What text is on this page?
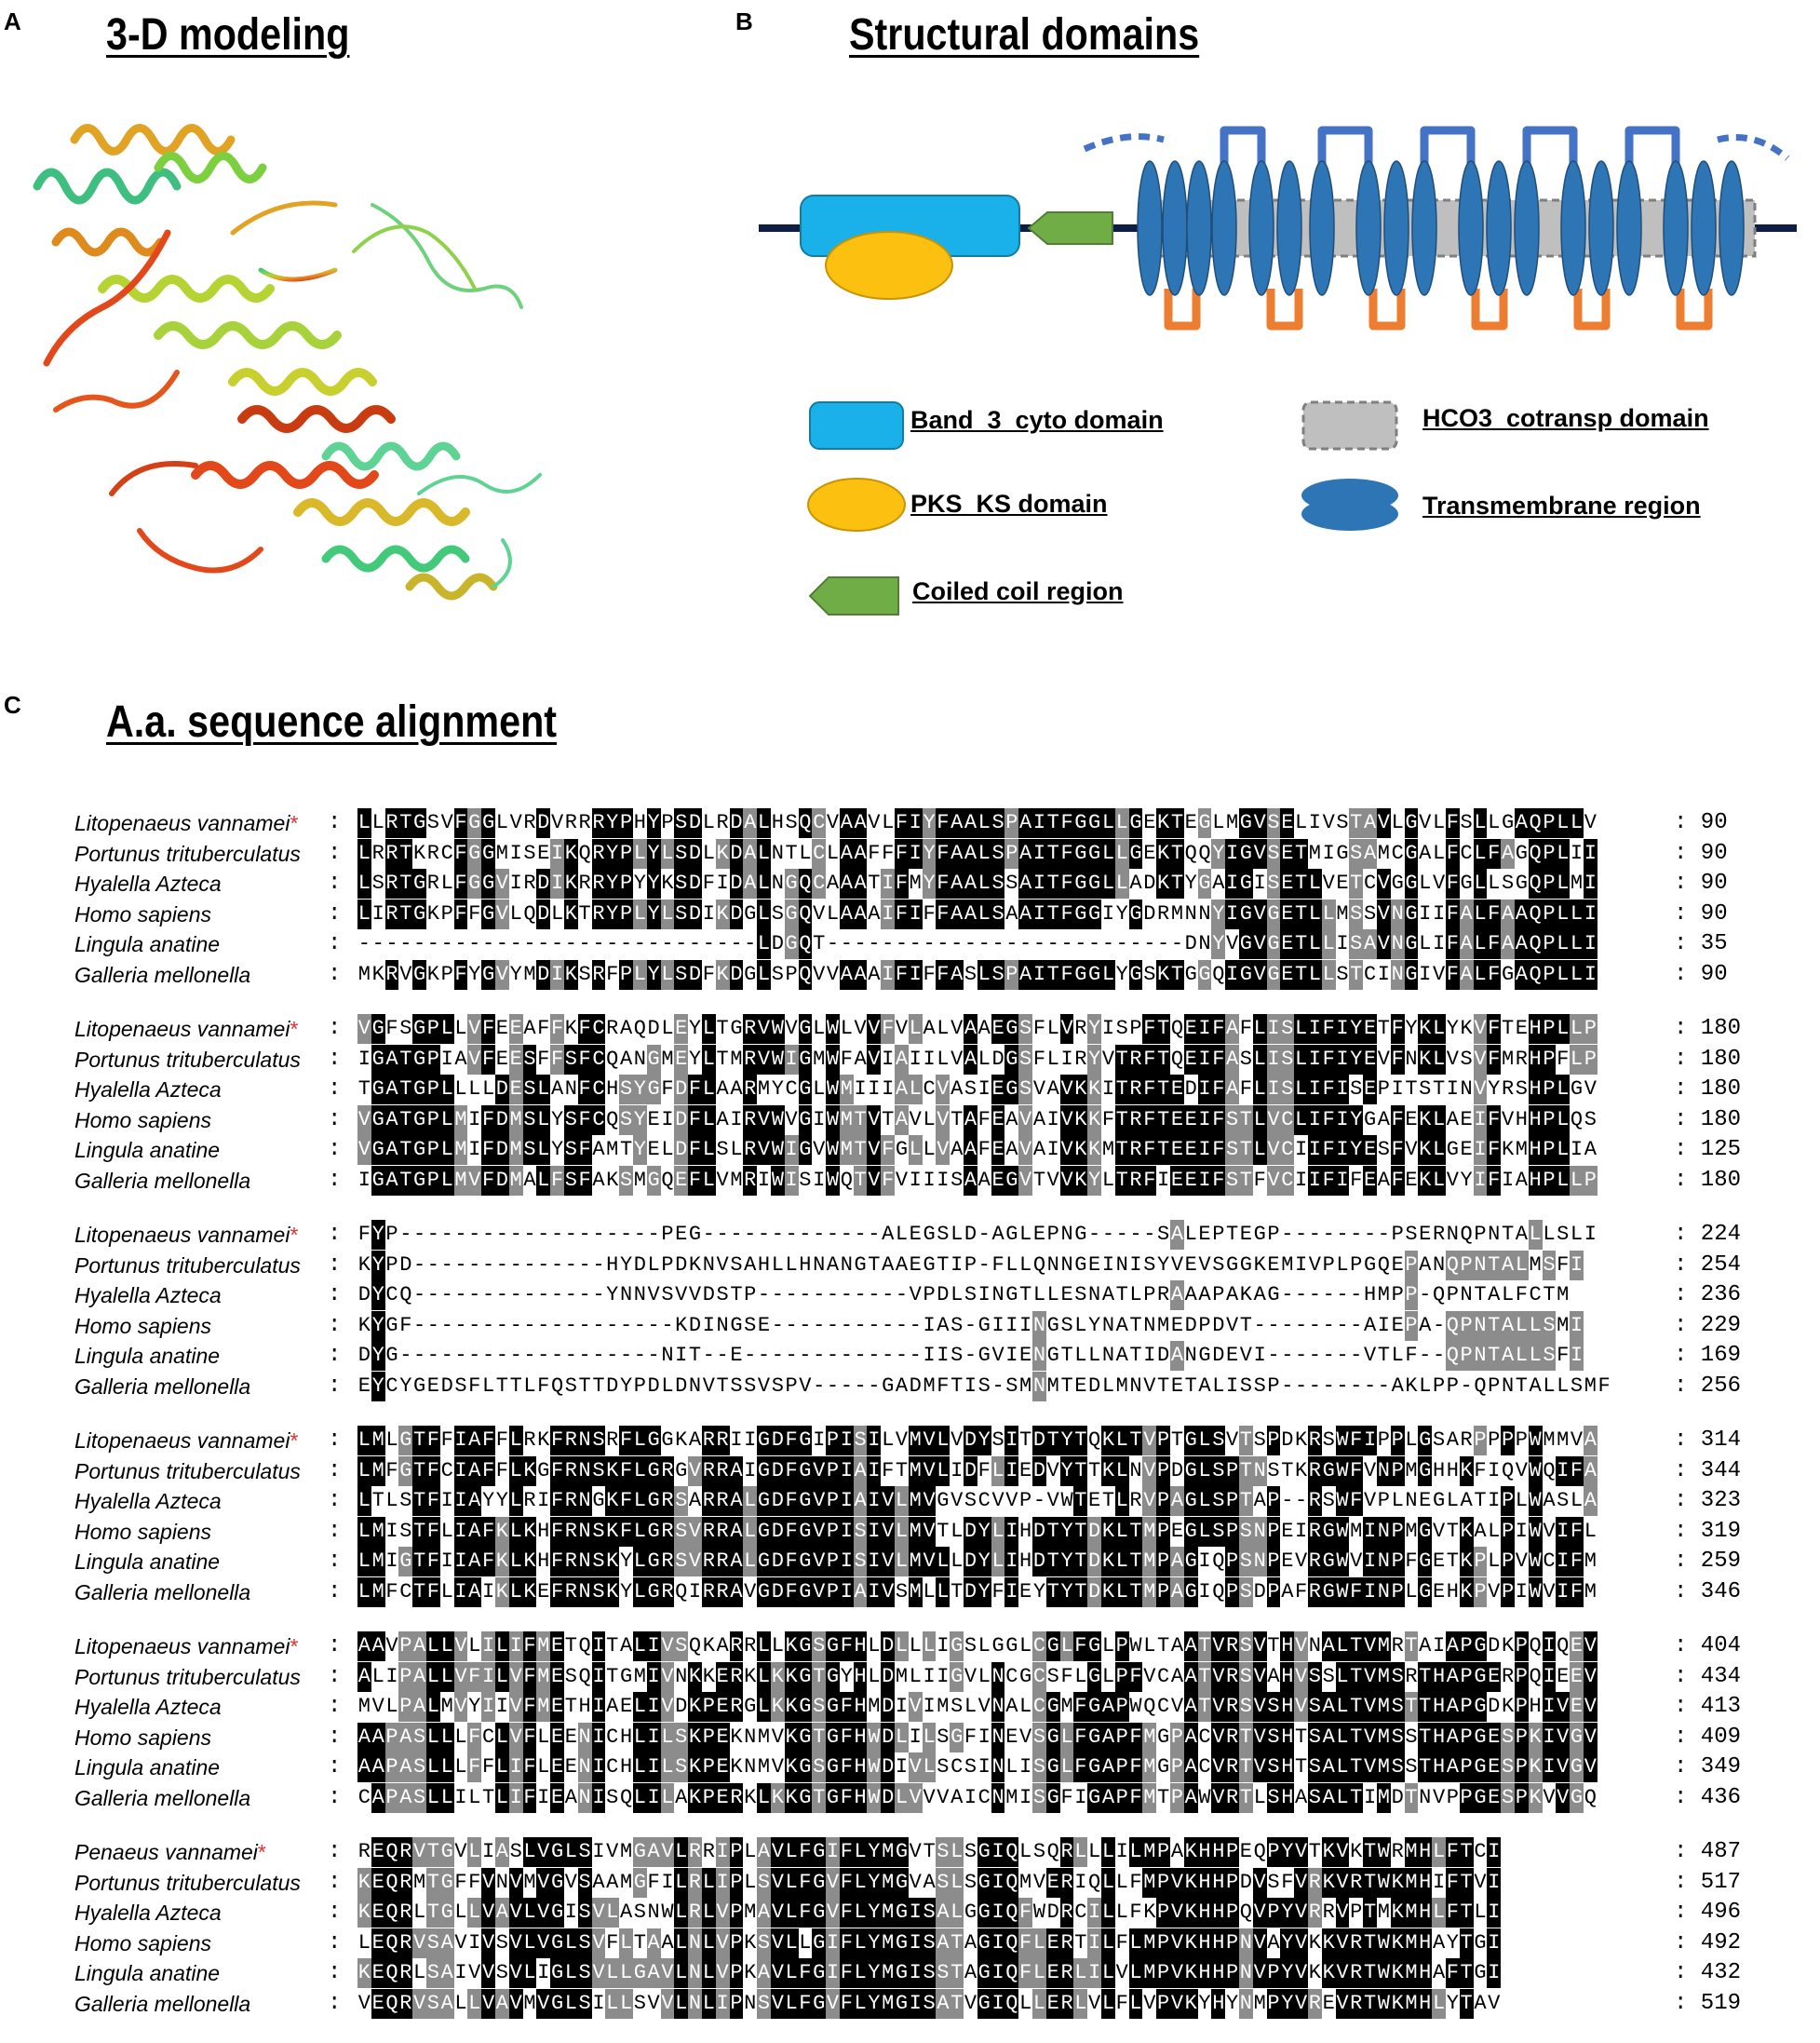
A 3-D modeling	B Structural domains
Band_3_cyto domain
PKS_KS domain
Coiled coil region
HCO3_cotransp domain
Transmembrane region
C A.a. sequence alignment
Litopenaeus vannamei* : L L R T G S V F G G L V R D V R R R Y P H Y P S D L R D A L H S Q C V A A V L F I Y F A A L S P A I T F G G L L G E K T E G L M G V S E L I V S T A V L G V L F S L L G A Q P L L V	: 90
Portunus trituberculatus : L R R T K R C F G G M I S E I K Q R Y P L Y L S D L K D A L N T L C L A A F F F I Y F A A L S P A I T F G G L L G E K T Q Q Y I G V S E T M I G S A M C G A L F C L F A G Q P L I I	: 90
Hyalella Azteca	: L S R T G R L F G G V I R D I K R R Y P Y Y K S D F I D A L N G Q C A A A T I F M Y F A A L S S A I T F G G L L A D K T Y G A I G I S E T L V E T C V G G L V F G L L S G Q P L M I	: 90
Homo sapiens	: L I R T G K P F F G V L Q D L K T R Y P L Y L S D I K D G L S G Q V L A A A I F I F F A A L S A A I T F G G I Y G D R M N N Y I G V G E T L L M S S V N G I I F A L F A A Q P L L I	: 90
Lingula anatine	: - - - - - - - - - - - - - - - - - - - - - - - - - - - - - L D G Q T - - - - - - - - - - - - - - - - - - - - - - - - - - D N Y V G V G E T L L I S A V N G L I F A L F A A Q P L L I	: 35
Galleria mellonella	: M K R V G K P F Y G V Y M D I K S R F P L Y L S D F K D G L S P Q V V A A A I F I F F A S L S P A I T F G G L Y G S K T G G Q I G V G E T L L S T C I N G I V F A L F G A Q P L L I	: 90
Litopenaeus vannamei* : V G F S G P L L V F E E A F F K F C R A Q D L E Y L T G R V W V G L W L V V F V L A L V A A E G S F L V R Y I S P F T Q E I F A F L I S L I F I Y E T F Y K L Y K V F T E H P L L P	: 180
Portunus trituberculatus : I G A T G P I A V F E E S F F S F C Q A N G M E Y L T M R V W I G M W F A V I A I I L V A L D G S F L I R Y V T R F T Q E I F A S L I S L I F I Y E V F N K L V S V F M R H P F L P	: 180
Hyalella Azteca	: T G A T G P L L L L D E S L A N F C H S Y G F D F L A A R M Y C G L W M I I I A L C V A S I E G S V A V K K I T R F T E D I F A F L I S L I F I S E P I T S T I N V Y R S H P L G V	: 180
Homo sapiens	: V G A T G P L M I F D M S L Y S F C Q S Y E I D F L A I R V W V G I W M T V T A V L V T A F E A V A I V K K F T R F T E E I F S T L V C L I F I Y G A F E K L A E I F V H H P L Q S	: 180
Lingula anatine	: V G A T G P L M I F D M S L Y S F A M T Y E L D F L S L R V W I G V W M T V F G L L V A A F E A V A I V K K M T R F T E E I F S T L V C I I F I Y E S F V K L G E I F K M H P L I A	: 125
Galleria mellonella	: I G A T G P L M V F D M A L F S F A K S M G Q E F L V M R I W I S I W Q T V F V I I I S A A E G V T V V K Y L T R F I E E I F S T F V C I I F I F E A F E K L V Y I F I A H P L L P	: 180
Litopenaeus vannamei* : F Y P - - - - - - - - - - - - - - - - - - - P E G - - - - - - - - - - - - - A L E G S L D - A G L E P N G - - - - - S A L E P T E G P - - - - - - - - P S E R N Q P N T A L L S L I	: 224
Portunus trituberculatus : K Y P D - - - - - - - - - - - - - - H Y D L P D K N V S A H L L H N A N G T A A E G T I P - F L L Q N N G E I N I S Y V E V S G G K E M I V P L P G Q E P A N Q P N T A L M S F I	: 254
Hyalella Azteca	: D Y C Q - - - - - - - - - - - - - - Y N N V S V V D S T P - - - - - - - - - - - V P D L S I N G T L L E S N A T L P R A A A P A K A G - - - - - - H M P P - Q P N T A L F C T M	: 236
Homo sapiens	: K Y G F - - - - - - - - - - - - - - - - - - - K D I N G S E - - - - - - - - - - - I A S - G I I I N G S L Y N A T N M E D P D V T - - - - - - - - A I E P A - Q P N T A L L S M I	: 229
Lingula anatine	: D Y G - - - - - - - - - - - - - - - - - - - N I T - - E - - - - - - - - - - - - - I I S - G V I E N G T L L N A T I D A N G D E V I - - - - - - - V T L F - - Q P N T A L L S F I	: 169
Galleria mellonella	: E Y C Y G E D S F L T T L F Q S T T D Y P D L D N V T S S V S P V - - - - - G A D M F T I S - S M N M T E D L M N V T E T A L I S S P - - - - - - - - A K L P P - Q P N T A L L S M F	: 256
Litopenaeus vannamei* : L M L G T F F I A F F L R K F R N S R F L G G K A R R I I G D F G I P I S I L V M V L V D Y S I T D T Y T Q K L T V P T G L S V T S P D K R S W F I P P L G S A R P P P P W M M V A	: 314
Portunus trituberculatus : L M F G T F C I A F F L K G F R N S K F L G R G V R R A I G D F G V P I A I F T M V L I D F L I E D V Y T T K L N V P D G L S P T N S T K R G W F V N P M G H H K F I Q V W Q I F A	: 344
Hyalella Azteca	: L T L S T F I I A Y Y L R I F R N G K F L G R S A R R A L G D F G V P I A I V L M V G V S C V V P - V W T E T L R V P A G L S P T A P - - R S W F V P L N E G L A T I P L W A S L A	: 323
Homo sapiens	: L M I S T F L I A F K L K H F R N S K F L G R S V R R A L G D F G V P I S I V L M V T L D Y L I H D T Y T D K L T M P E G L S P S N P E I R G W M I N P M G V T K A L P I W V I F L	: 319
Lingula anatine	: L M I G T F I I A F K L K H F R N S K Y L G R S V R R A L G D F G V P I S I V L M V L L D Y L I H D T Y T D K L T M P A G I Q P S N P E V R G W V I N P F G E T K P L P V W C I F M	: 259
Galleria mellonella	: L M F C T F L I A I K L K E F R N S K Y L G R Q I R R A V G D F G V P I A I V S M L L T D Y F I E Y T Y T D K L T M P A G I Q P S D P A F R G W F I N P L G E H K P V P I W V I F M	: 346
Litopenaeus vannamei* : A A V P A L L V L I L I F M E T Q I T A L I V S Q K A R R L L K G S G F H L D L L L I G S L G G L C G L F G L P W L T A A T V R S V T H V N A L T V M R T A I A P G D K P Q I Q E V	: 404
Portunus trituberculatus : A L I P A L L V F I L V F M E S Q I T G M I V N K K E R K L K K G T G Y H L D M L I I G V L N C G C S F L G L P F V C A A T V R S V A H V S S L T V M S R T H A P G E R P Q I E E V	: 434
Hyalella Azteca	: M V L P A L M V Y I I V F M E T H I A E L I V D K P E R G L K K G S G F H M D I V I M S L V N A L C G M F G A P W Q C V A T V R S V S H V S A L T V M S T T H A P G D K P H I V E V	: 413
Homo sapiens	: A A P A S L L L F C L V F L E E N I C H L I L S K P E K N M V K G T G F H W D L I L S G F I N E V S G L F G A P F M G P A C V R T V S H T S A L T V M S S T H A P G E S P K I V G V	: 409
Lingula anatine	: A A P A S L L L F F L I F L E E N I C H L I L S K P E K N M V K G S G F H W D I V L S C S I N L I S G L F G A P F M G P A C V R T V S H T S A L T V M S S T H A P G E S P K I V G V	: 349
Galleria mellonella	: C A P A S L L I L T L I F I E A N I S Q L I L A K P E R K L K K G T G F H W D L V V V A I C N M I S G F I G A P F M T P A W V R T L S H A S A L T I M D T N V P P G E S P K V V G Q	: 436
Penaeus vannamei*	: R E Q R V T G V L I A S L V G L S I V M G A V L R R I P L A V L F G I F L Y M G V T S L S G I Q L S Q R L L L I L M P A K H H P E Q P Y V T K V K T W R M H L F T C I	: 487
Portunus trituberculatus : K E Q R M T G F F V N V M V G V S A A M G F I L R L I P L S V L F G V F L Y M G V A S L S G I Q M V E R I Q L L F M P V K H H P D V S F V R K V R T W K M H I F T V I	: 517
Hyalella Azteca	: K E Q R L T G L L V A V L V G I S V L A S N W L R L V P M A V L F G V F L Y M G I S A L G G I Q F W D R C I L L F K P V K H H P Q V P Y V R R V P T M K M H L F T L I	: 496
Homo sapiens	: L E Q R V S A V I V S V L V G L S V F L T A A L N L V P K S V L L G I F L Y M G I S A T A G I Q F L E R T I L F L M P V K H H P N V A Y V K K V R T W K M H A Y T G I	: 492
Lingula anatine	: K E Q R L S A I V V S V L I G L S V L L G A V L N L V P K A V L F G I F L Y M G I S S T A G I Q F L E R L I L V L M P V K H H P N V P Y V K K V R T W K M H A F T G I	: 432
Galleria mellonella	: V E Q R V S A L L V A V M V G L S I L L S V V L N L I P N S V L F G V F L Y M G I S A T V G I Q L L E R L V L F L V P V K Y H Y N M P Y V R E V R T W K M H L Y T A V	: 519
